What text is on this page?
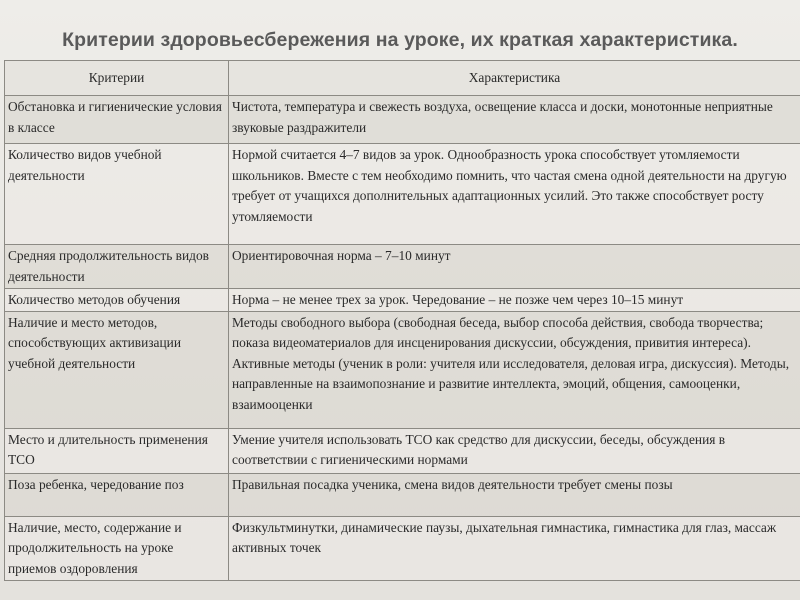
Критерии здоровьесбережения на уроке, их краткая характеристика.
Критерии	Характеристика
Обстановка и гигиенические условия в классе	Чистота, температура и свежесть воздуха, освещение класса и доски, монотонные неприятные звуковые раздражители
Количество видов учебной деятельности	Нормой считается 4–7 видов за урок. Однообразность урока способствует утомляемости школьников. Вместе с тем необходимо помнить, что частая смена одной деятельности на другую требует от учащихся дополнительных адаптационных усилий. Это также способствует росту утомляемости
Средняя продолжительность видов деятельности	Ориентировочная норма – 7–10 минут
Количество методов обучения	Норма – не менее трех за урок. Чередование – не позже чем через 10–15 минут
Наличие и место методов, способствующих активизации учебной деятельности	Методы свободного выбора (свободная беседа, выбор способа действия, свобода творчества; показа видеоматериалов для инсценирования дискуссии, обсуждения, привития интереса). Активные методы (ученик в роли: учителя или исследователя, деловая игра, дискуссия). Методы, направленные на взаимопознание и развитие интеллекта, эмоций, общения, самооценки, взаимооценки
Место и длительность применения ТСО	Умение учителя использовать ТСО как средство для дискуссии, беседы, обсуждения в соответствии с гигиеническими нормами
Поза ребенка, чередование поз	Правильная посадка ученика, смена видов деятельности требует смены позы
Наличие, место, содержание и продолжительность на уроке приемов оздоровления	Физкультминутки, динамические паузы, дыхательная гимнастика, гимнастика для глаз, массаж активных точек
